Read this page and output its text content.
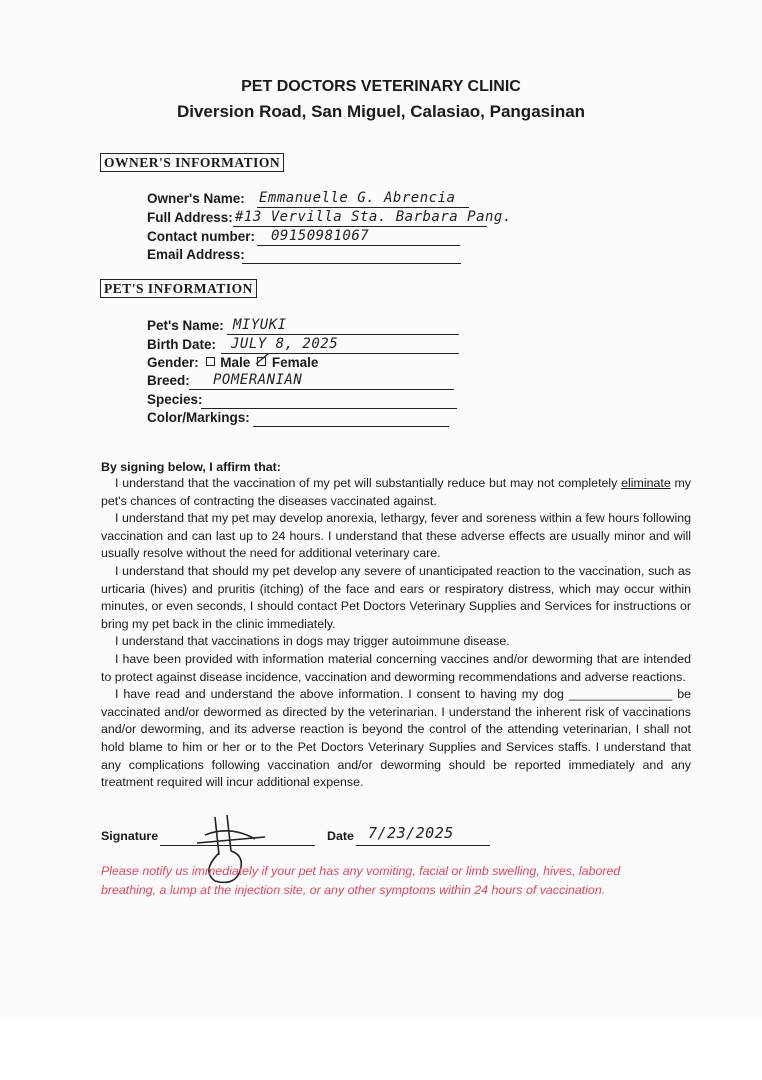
PET DOCTORS VETERINARY CLINIC
Diversion Road, San Miguel, Calasiao, Pangasinan
OWNER'S INFORMATION
Owner's Name: Emmanuelle G. Abrencia
Full Address: #13 Vervilla Sta. Barbara Pang.
Contact number: 09150981067
Email Address:
PET'S INFORMATION
Pet's Name: MIYUKI
Birth Date: JULY 8, 2025
Gender: Male Female
Breed: POMERANIAN
Species:
Color/Markings:
By signing below, I affirm that:

I understand that the vaccination of my pet will substantially reduce but may not completely eliminate my pet's chances of contracting the diseases vaccinated against.

I understand that my pet may develop anorexia, lethargy, fever and soreness within a few hours following vaccination and can last up to 24 hours. I understand that these adverse effects are usually minor and will usually resolve without the need for additional veterinary care.

I understand that should my pet develop any severe of unanticipated reaction to the vaccination, such as urticaria (hives) and pruritis (itching) of the face and ears or respiratory distress, which may occur within minutes, or even seconds, I should contact Pet Doctors Veterinary Supplies and Services for instructions or bring my pet back in the clinic immediately.

I understand that vaccinations in dogs may trigger autoimmune disease.

I have been provided with information material concerning vaccines and/or deworming that are intended to protect against disease incidence, vaccination and deworming recommendations and adverse reactions.

I have read and understand the above information. I consent to having my dog _______________ be vaccinated and/or dewormed as directed by the veterinarian. I understand the inherent risk of vaccinations and/or deworming, and its adverse reaction is beyond the control of the attending veterinarian, I shall not hold blame to him or her or to the Pet Doctors Veterinary Supplies and Services staffs. I understand that any complications following vaccination and/or deworming should be reported immediately and any treatment required will incur additional expense.

Signature	Date 7/23/2025
Please notify us immediately if your pet has any vomiting, facial or limb swelling, hives, labored breathing, a lump at the injection site, or any other symptoms within 24 hours of vaccination.
